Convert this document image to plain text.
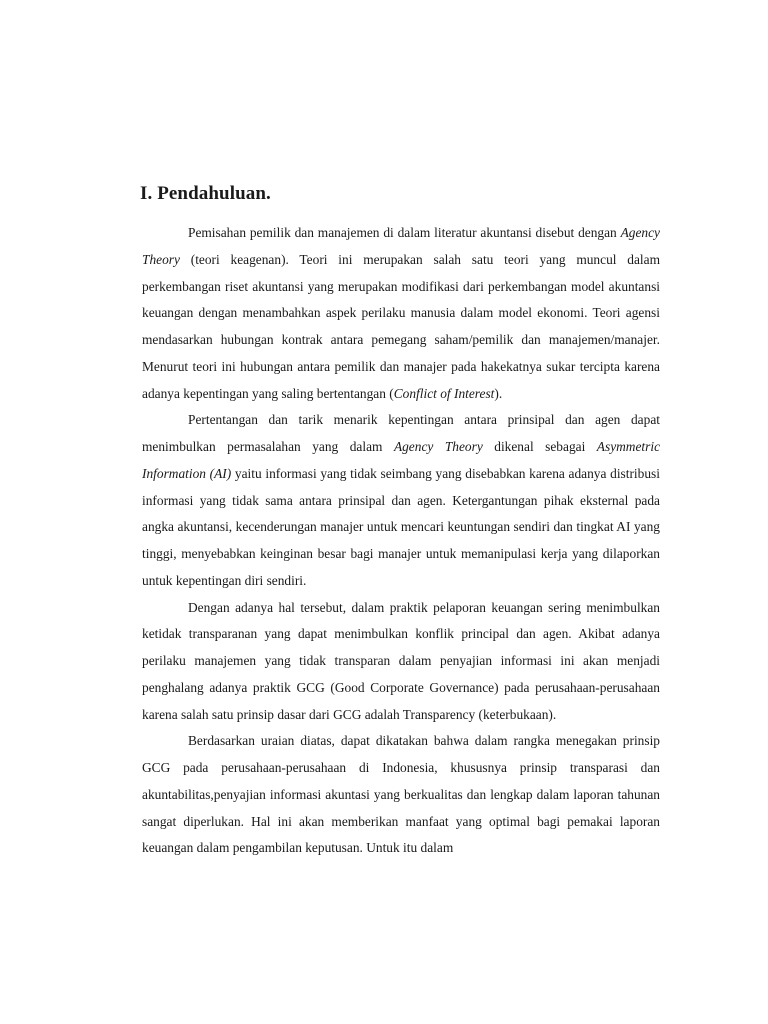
I. Pendahuluan.

Pemisahan pemilik dan manajemen di dalam literatur akuntansi disebut dengan Agency Theory (teori keagenan). Teori ini merupakan salah satu teori yang muncul dalam perkembangan riset akuntansi yang merupakan modifikasi dari perkembangan model akuntansi keuangan dengan menambahkan aspek perilaku manusia dalam model ekonomi. Teori agensi mendasarkan hubungan kontrak antara pemegang saham/pemilik dan manajemen/manajer. Menurut teori ini hubungan antara pemilik dan manajer pada hakekatnya sukar tercipta karena adanya kepentingan yang saling bertentangan (Conflict of Interest).

Pertentangan dan tarik menarik kepentingan antara prinsipal dan agen dapat menimbulkan permasalahan yang dalam Agency Theory dikenal sebagai Asymmetric Information (AI) yaitu informasi yang tidak seimbang yang disebabkan karena adanya distribusi informasi yang tidak sama antara prinsipal dan agen. Ketergantungan pihak eksternal pada angka akuntansi, kecenderungan manajer untuk mencari keuntungan sendiri dan tingkat AI yang tinggi, menyebabkan keinginan besar bagi manajer untuk memanipulasi kerja yang dilaporkan untuk kepentingan diri sendiri.

Dengan adanya hal tersebut, dalam praktik pelaporan keuangan sering menimbulkan ketidak transparanan yang dapat menimbulkan konflik principal dan agen. Akibat adanya perilaku manajemen yang tidak transparan dalam penyajian informasi ini akan menjadi penghalang adanya praktik GCG (Good Corporate Governance) pada perusahaan-perusahaan karena salah satu prinsip dasar dari GCG adalah Transparency (keterbukaan).

Berdasarkan uraian diatas, dapat dikatakan bahwa dalam rangka menegakan prinsip GCG pada perusahaan-perusahaan di Indonesia, khususnya prinsip transparasi dan akuntabilitas,penyajian informasi akuntasi yang berkualitas dan lengkap dalam laporan tahunan sangat diperlukan. Hal ini akan memberikan manfaat yang optimal bagi pemakai laporan keuangan dalam pengambilan keputusan. Untuk itu dalam
